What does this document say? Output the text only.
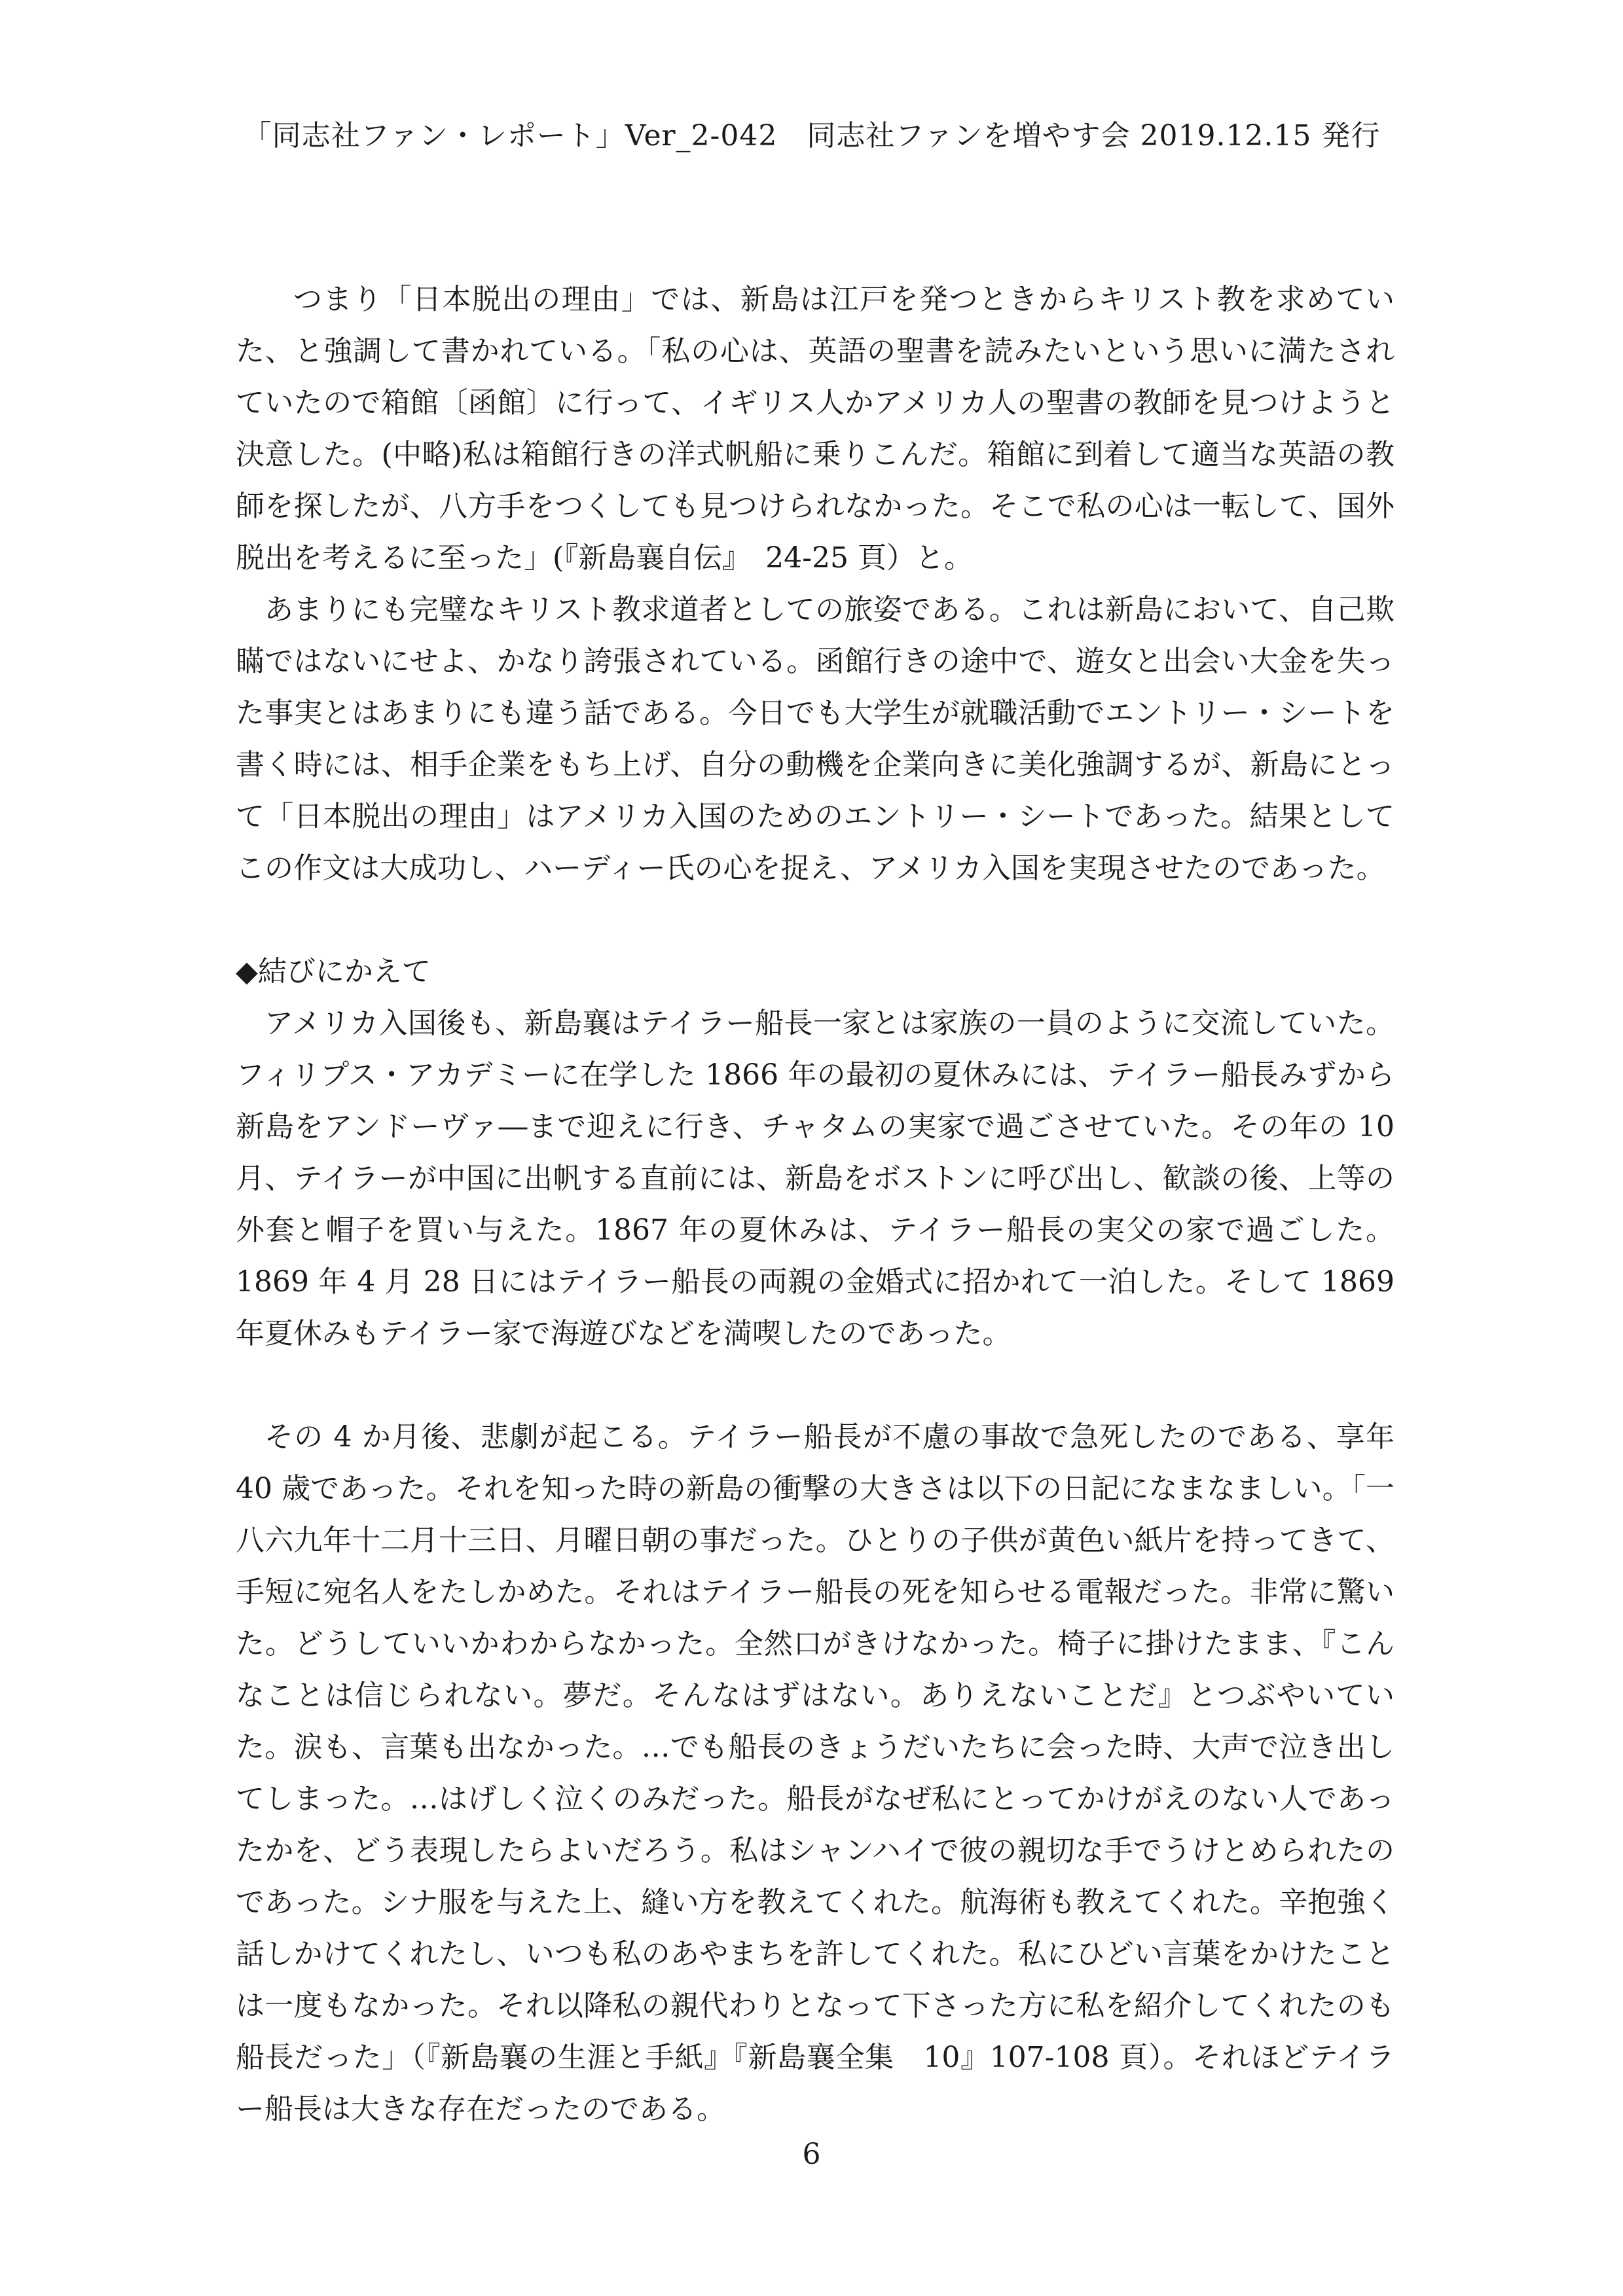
「同志社ファン・レポート」Ver_2-042　同志社ファンを増やす会 2019.12.15 発行

つまり「日本脱出の理由」では、新島は江戸を発つときからキリスト教を求めていた、と強調して書かれている。「私の心は、英語の聖書を読みたいという思いに満たされていたので箱館〔函館〕に行って、イギリス人かアメリカ人の聖書の教師を見つけようと決意した。(中略)私は箱館行きの洋式帆船に乗りこんだ。箱館に到着して適当な英語の教師を探したが、八方手をつくしても見つけられなかった。そこで私の心は一転して、国外脱出を考えるに至った」(『新島襄自伝』　24-25 頁）と。

あまりにも完璧なキリスト教求道者としての旅姿である。これは新島において、自己欺瞞ではないにせよ、かなり誇張されている。函館行きの途中で、遊女と出会い大金を失った事実とはあまりにも違う話である。今日でも大学生が就職活動でエントリー・シートを書く時には、相手企業をもち上げ、自分の動機を企業向きに美化強調するが、新島にとって「日本脱出の理由」はアメリカ入国のためのエントリー・シートであった。結果としてこの作文は大成功し、ハーディー氏の心を捉え、アメリカ入国を実現させたのであった。

◆結びにかえて

アメリカ入国後も、新島襄はテイラー船長一家とは家族の一員のように交流していた。フィリプス・アカデミーに在学した 1866 年の最初の夏休みには、テイラー船長みずから新島をアンドーヴァ―まで迎えに行き、チャタムの実家で過ごさせていた。その年の 10 月、テイラーが中国に出帆する直前には、新島をボストンに呼び出し、歓談の後、上等の外套と帽子を買い与えた。1867 年の夏休みは、テイラー船長の実父の家で過ごした。1869 年 4 月 28 日にはテイラー船長の両親の金婚式に招かれて一泊した。そして 1869 年夏休みもテイラー家で海遊びなどを満喫したのであった。

その 4 か月後、悲劇が起こる。テイラー船長が不慮の事故で急死したのである、享年 40 歳であった。それを知った時の新島の衝撃の大きさは以下の日記になまなましい。「一八六九年十二月十三日、月曜日朝の事だった。ひとりの子供が黄色い紙片を持ってきて、手短に宛名人をたしかめた。それはテイラー船長の死を知らせる電報だった。非常に驚いた。どうしていいかわからなかった。全然口がきけなかった。椅子に掛けたまま、『こんなことは信じられない。夢だ。そんなはずはない。ありえないことだ』とつぶやいていた。涙も、言葉も出なかった。…でも船長のきょうだいたちに会った時、大声で泣き出してしまった。…はげしく泣くのみだった。船長がなぜ私にとってかけがえのない人であったかを、どう表現したらよいだろう。私はシャンハイで彼の親切な手でうけとめられたのであった。シナ服を与えた上、縫い方を教えてくれた。航海術も教えてくれた。辛抱強く話しかけてくれたし、いつも私のあやまちを許してくれた。私にひどい言葉をかけたことは一度もなかった。それ以降私の親代わりとなって下さった方に私を紹介してくれたのも船長だった」（『新島襄の生涯と手紙』『新島襄全集　10』107-108 頁）。それほどテイラー船長は大きな存在だったのである。

6
